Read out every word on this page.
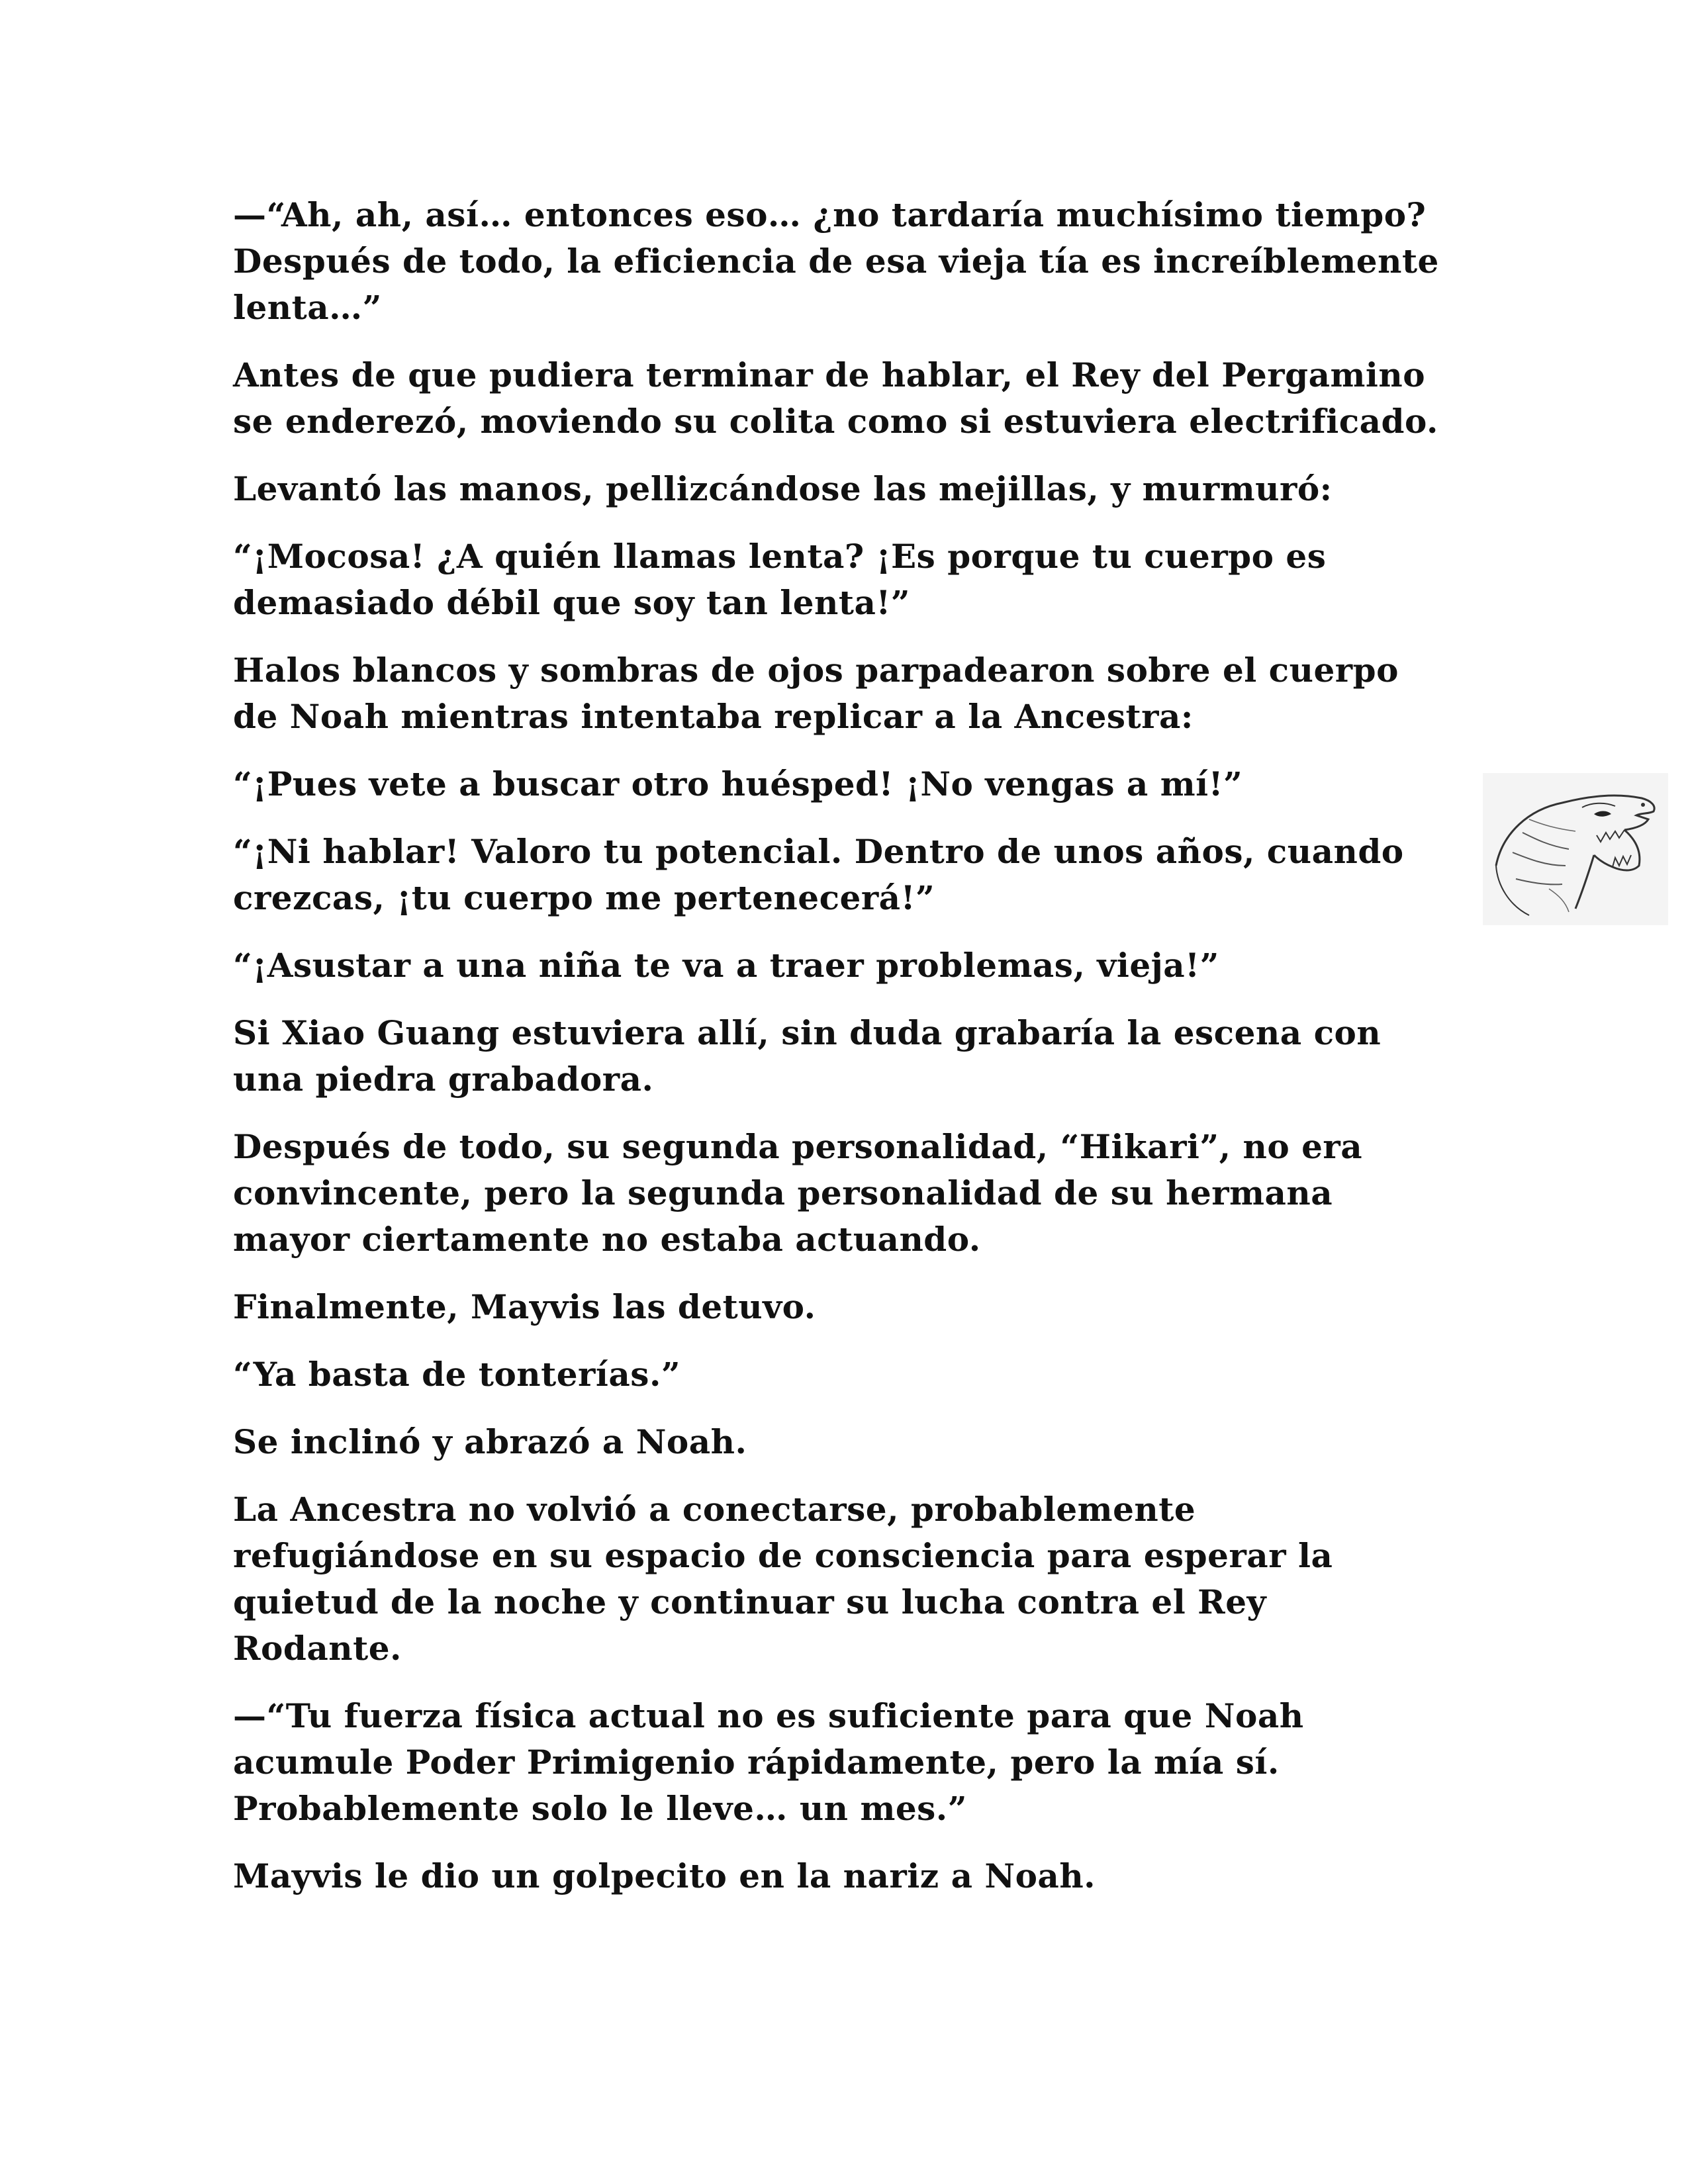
—“Ah, ah, así… entonces eso… ¿no tardaría muchísimo tiempo? Después de todo, la eficiencia de esa vieja tía es increíblemente lenta…”

Antes de que pudiera terminar de hablar, el Rey del Pergamino se enderezó, moviendo su colita como si estuviera electrificado.

Levantó las manos, pellizcándose las mejillas, y murmuró:

“¡Mocosa! ¿A quién llamas lenta? ¡Es porque tu cuerpo es demasiado débil que soy tan lenta!”

Halos blancos y sombras de ojos parpadearon sobre el cuerpo de Noah mientras intentaba replicar a la Ancestra:

“¡Pues vete a buscar otro huésped! ¡No vengas a mí!”

“¡Ni hablar! Valoro tu potencial. Dentro de unos años, cuando crezcas, ¡tu cuerpo me pertenecerá!”

“¡Asustar a una niña te va a traer problemas, vieja!”

Si Xiao Guang estuviera allí, sin duda grabaría la escena con una piedra grabadora.

Después de todo, su segunda personalidad, “Hikari”, no era convincente, pero la segunda personalidad de su hermana mayor ciertamente no estaba actuando.

Finalmente, Mayvis las detuvo.

“Ya basta de tonterías.”

Se inclinó y abrazó a Noah.

La Ancestra no volvió a conectarse, probablemente refugiándose en su espacio de consciencia para esperar la quietud de la noche y continuar su lucha contra el Rey Rodante.

—“Tu fuerza física actual no es suficiente para que Noah acumule Poder Primigenio rápidamente, pero la mía sí. Probablemente solo le lleve… un mes.”

Mayvis le dio un golpecito en la nariz a Noah.
